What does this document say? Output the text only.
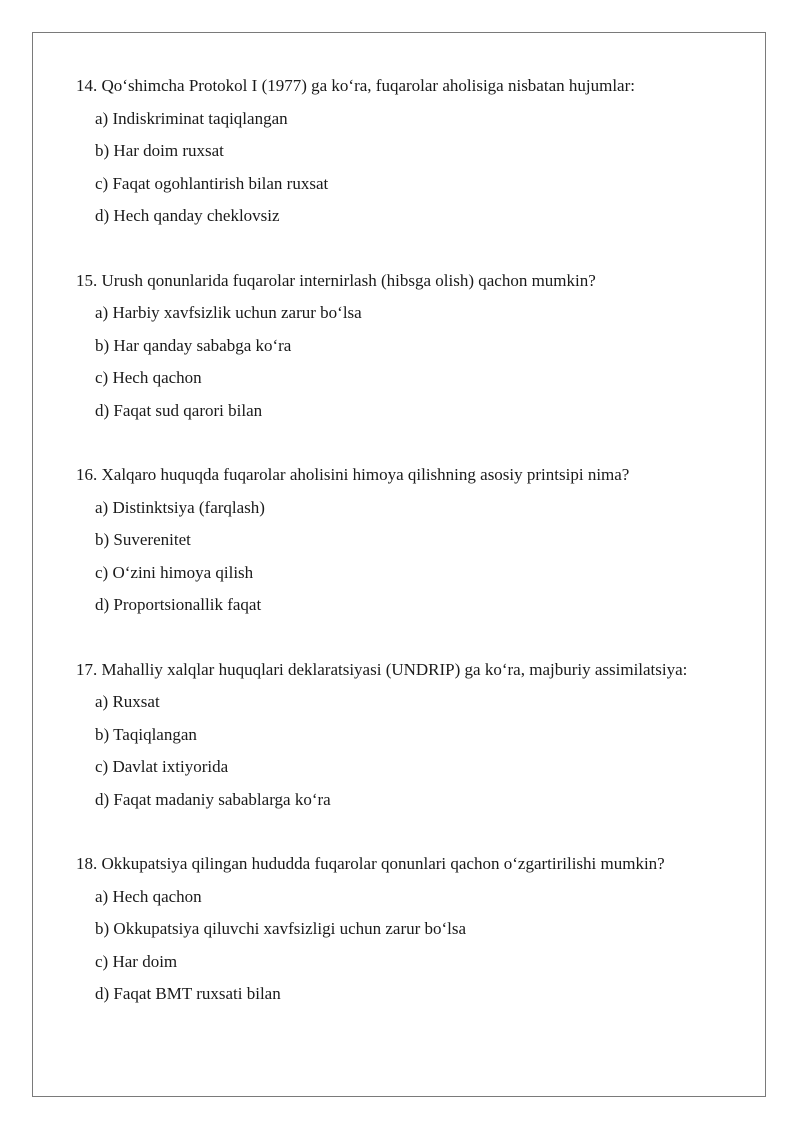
14. Qo‘shimcha Protokol I (1977) ga ko‘ra, fuqarolar aholisiga nisbatan hujumlar:

a) Indiskriminat taqiqlangan

b) Har doim ruxsat

c) Faqat ogohlantirish bilan ruxsat

d) Hech qanday cheklovsiz

15. Urush qonunlarida fuqarolar internirlash (hibsga olish) qachon mumkin?

a) Harbiy xavfsizlik uchun zarur bo‘lsa

b) Har qanday sababga ko‘ra

c) Hech qachon

d) Faqat sud qarori bilan

16. Xalqaro huquqda fuqarolar aholisini himoya qilishning asosiy printsipi nima?

a) Distinktsiya (farqlash)

b) Suverenitet

c) O‘zini himoya qilish

d) Proportsionallik faqat

17. Mahalliy xalqlar huquqlari deklaratsiyasi (UNDRIP) ga ko‘ra, majburiy assimilatsiya:

a) Ruxsat

b) Taqiqlangan

c) Davlat ixtiyorida

d) Faqat madaniy sabablarga ko‘ra

18. Okkupatsiya qilingan hududda fuqarolar qonunlari qachon o‘zgartirilishi mumkin?

a) Hech qachon

b) Okkupatsiya qiluvchi xavfsizligi uchun zarur bo‘lsa

c) Har doim

d) Faqat BMT ruxsati bilan
